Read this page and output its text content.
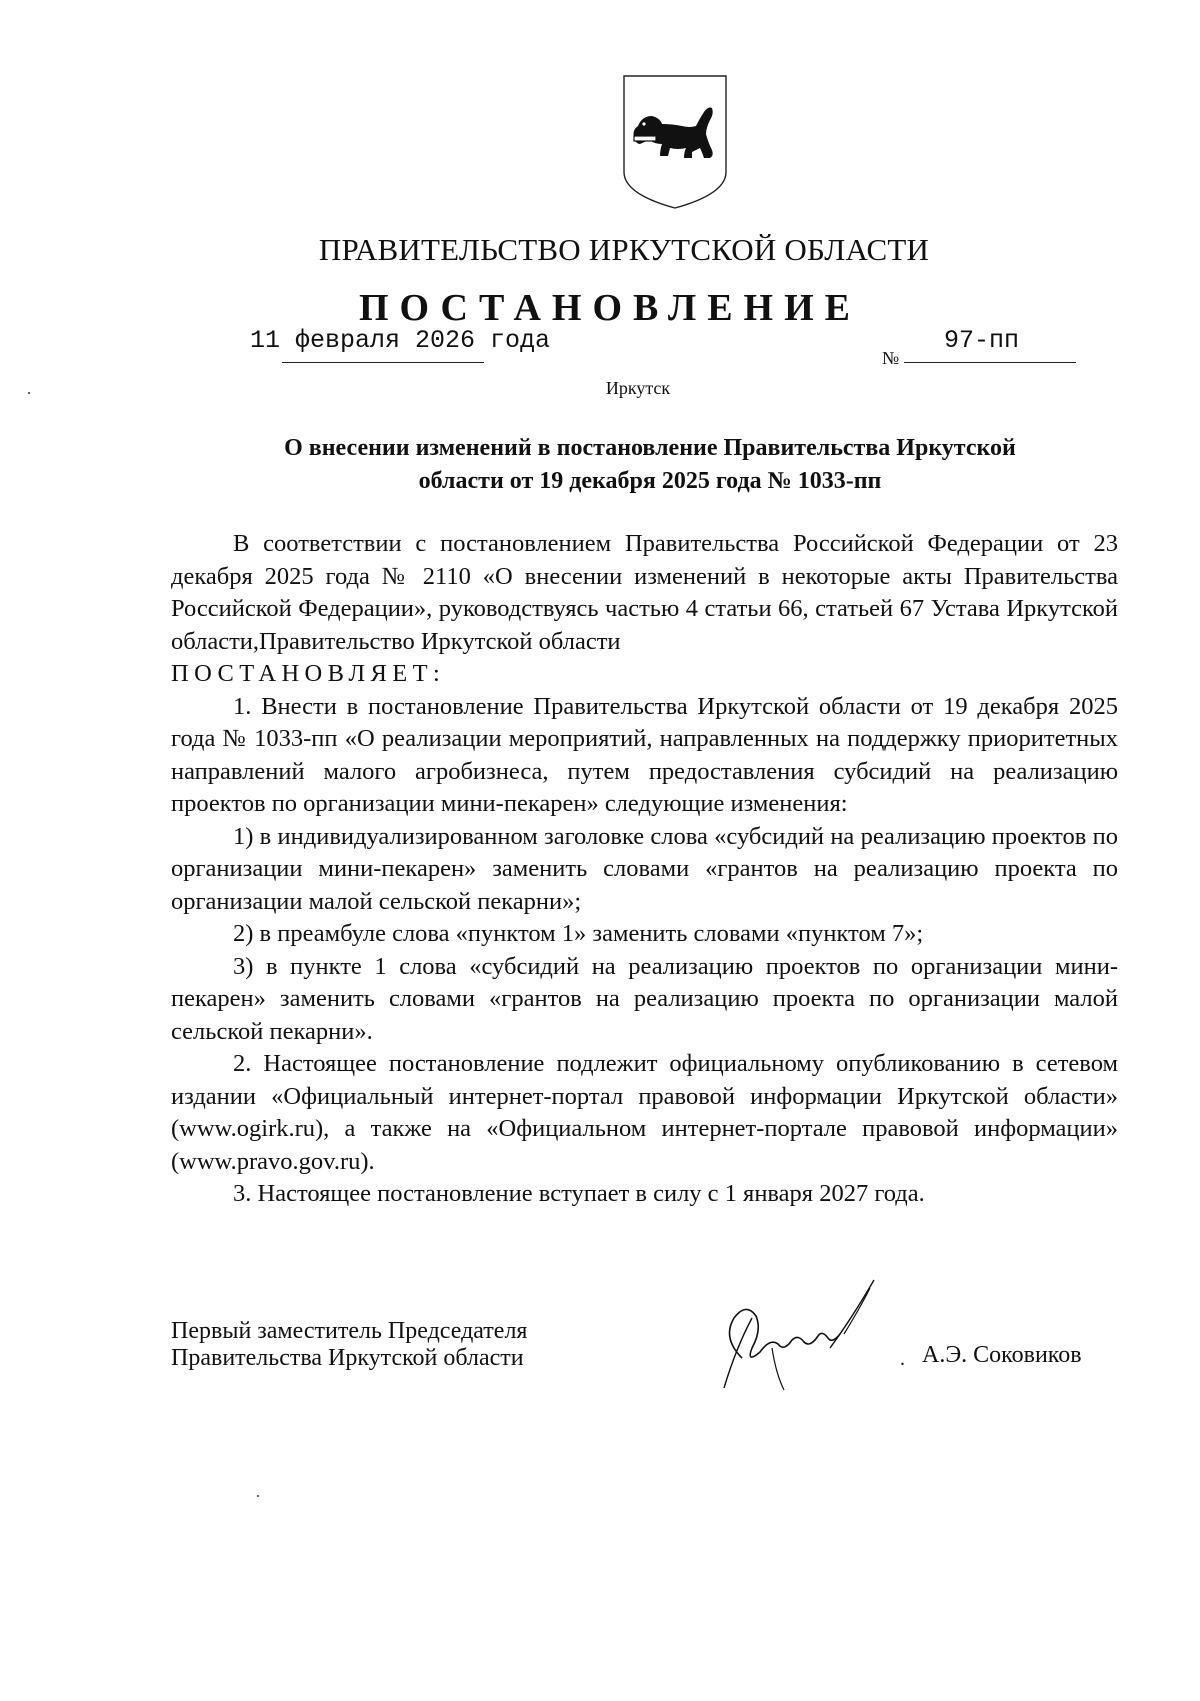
ПРАВИТЕЛЬСТВО ИРКУТСКОЙ ОБЛАСТИ
ПОСТАНОВЛЕНИЕ
11 февраля 2026 года
№
97-пп
Иркутск
О внесении изменений в постановление Правительства Иркутской
области от 19 декабря 2025 года № 1033-пп

В соответствии с постановлением Правительства Российской Федерации от 23 декабря 2025 года № 2110 «О внесении изменений в некоторые акты Правительства Российской Федерации», руководствуясь частью 4 статьи 66, статьей 67 Устава Иркутской области,Правительство Иркутской области

ПОСТАНОВЛЯЕТ:

1. Внести в постановление Правительства Иркутской области от 19 декабря 2025 года № 1033-пп «О реализации мероприятий, направленных на поддержку приоритетных направлений малого агробизнеса, путем предоставления субсидий на реализацию проектов по организации мини-пекарен» следующие изменения:

1) в индивидуализированном заголовке слова «субсидий на реализацию проектов по организации мини-пекарен» заменить словами «грантов на реализацию проекта по организации малой сельской пекарни»;

2) в преамбуле слова «пунктом 1» заменить словами «пунктом 7»;

3) в пункте 1 слова «субсидий на реализацию проектов по организации мини-пекарен» заменить словами «грантов на реализацию проекта по организации малой сельской пекарни».

2. Настоящее постановление подлежит официальному опубликованию в сетевом издании «Официальный интернет-портал правовой информации Иркутской области» (www.ogirk.ru), а также на «Официальном интернет-портале правовой информации» (www.pravo.gov.ru).

3. Настоящее постановление вступает в силу с 1 января 2027 года.

Первый заместитель Председателя
Правительства Иркутской области	. А.Э. Соковиков
